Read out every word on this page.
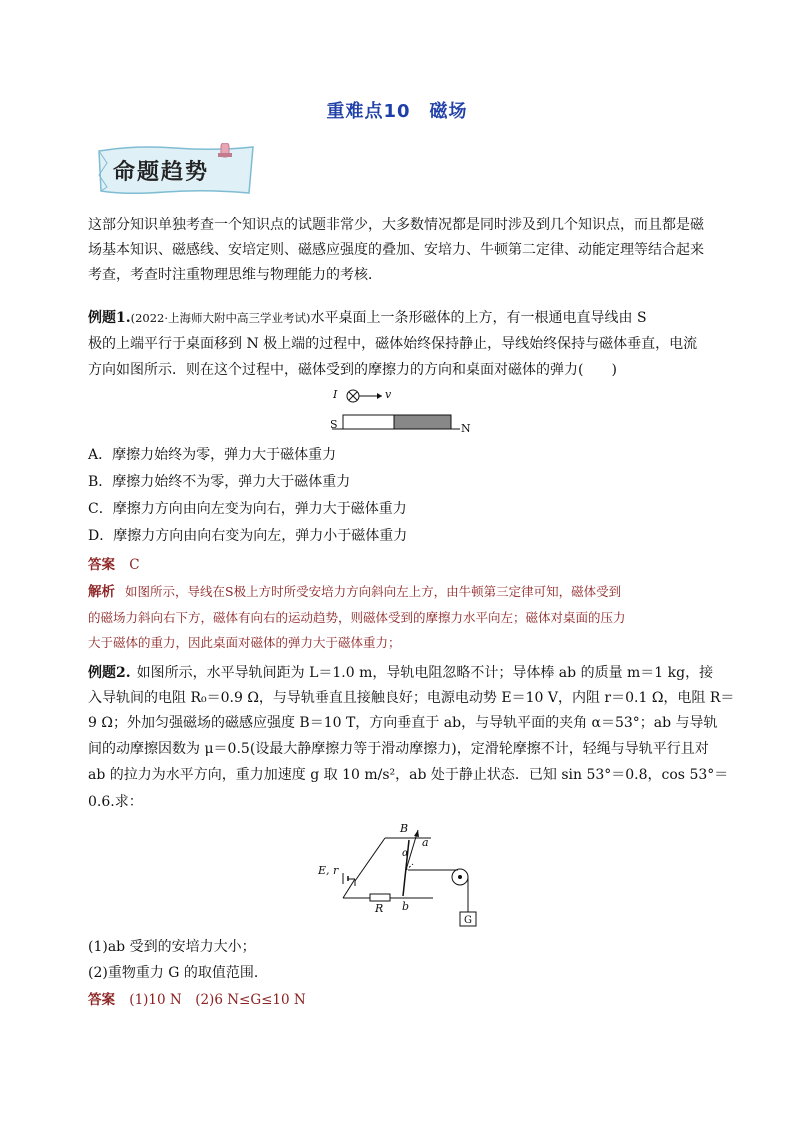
重难点10　磁场
命题趋势
这部分知识单独考查一个知识点的试题非常少，大多数情况都是同时涉及到几个知识点，而且都是磁场基本知识、磁感线、安培定则、磁感应强度的叠加、安培力、牛顿第二定律、动能定理等结合起来考查，考查时注重物理思维与物理能力的考核．
例题1.(2022·上海师大附中高三学业考试)水平桌面上一条形磁体的上方，有一根通电直导线由 S
极的上端平行于桌面移到 N 极上端的过程中，磁体始终保持静止，导线始终保持与磁体垂直，电流
方向如图所示．则在这个过程中，磁体受到的摩擦力的方向和桌面对磁体的弹力(　　)
I	v
S	N
A．摩擦力始终为零，弹力大于磁体重力
B．摩擦力始终不为零，弹力大于磁体重力
C．摩擦力方向由向左变为向右，弹力大于磁体重力
D．摩擦力方向由向右变为向左，弹力小于磁体重力
答案 C
解析 如图所示，导线在S极上方时所受安培力方向斜向左上方，由牛顿第三定律可知，磁体受到
的磁场力斜向右下方，磁体有向右的运动趋势，则磁体受到的摩擦力水平向左；磁体对桌面的压力
大于磁体的重力，因此桌面对磁体的弹力大于磁体重力；
例题2. 如图所示，水平导轨间距为 L＝1.0 m，导轨电阻忽略不计；导体棒 ab 的质量 m＝1 kg，接
入导轨间的电阻 R₀＝0.9 Ω，与导轨垂直且接触良好；电源电动势 E＝10 V，内阻 r＝0.1 Ω，电阻 R＝
9 Ω；外加匀强磁场的磁感应强度 B＝10 T，方向垂直于 ab，与导轨平面的夹角 α＝53°；ab 与导轨
间的动摩擦因数为 μ＝0.5(设最大静摩擦力等于滑动摩擦力)，定滑轮摩擦不计，轻绳与导轨平行且对
ab 的拉力为水平方向，重力加速度 g 取 10 m/s²，ab 处于静止状态．已知 sin 53°＝0.8，cos 53°＝
0.6.求：
B
a
α
E, r
R b
G
(1)ab 受到的安培力大小；
(2)重物重力 G 的取值范围．
答案 (1)10 N　(2)6 N≤G≤10 N
